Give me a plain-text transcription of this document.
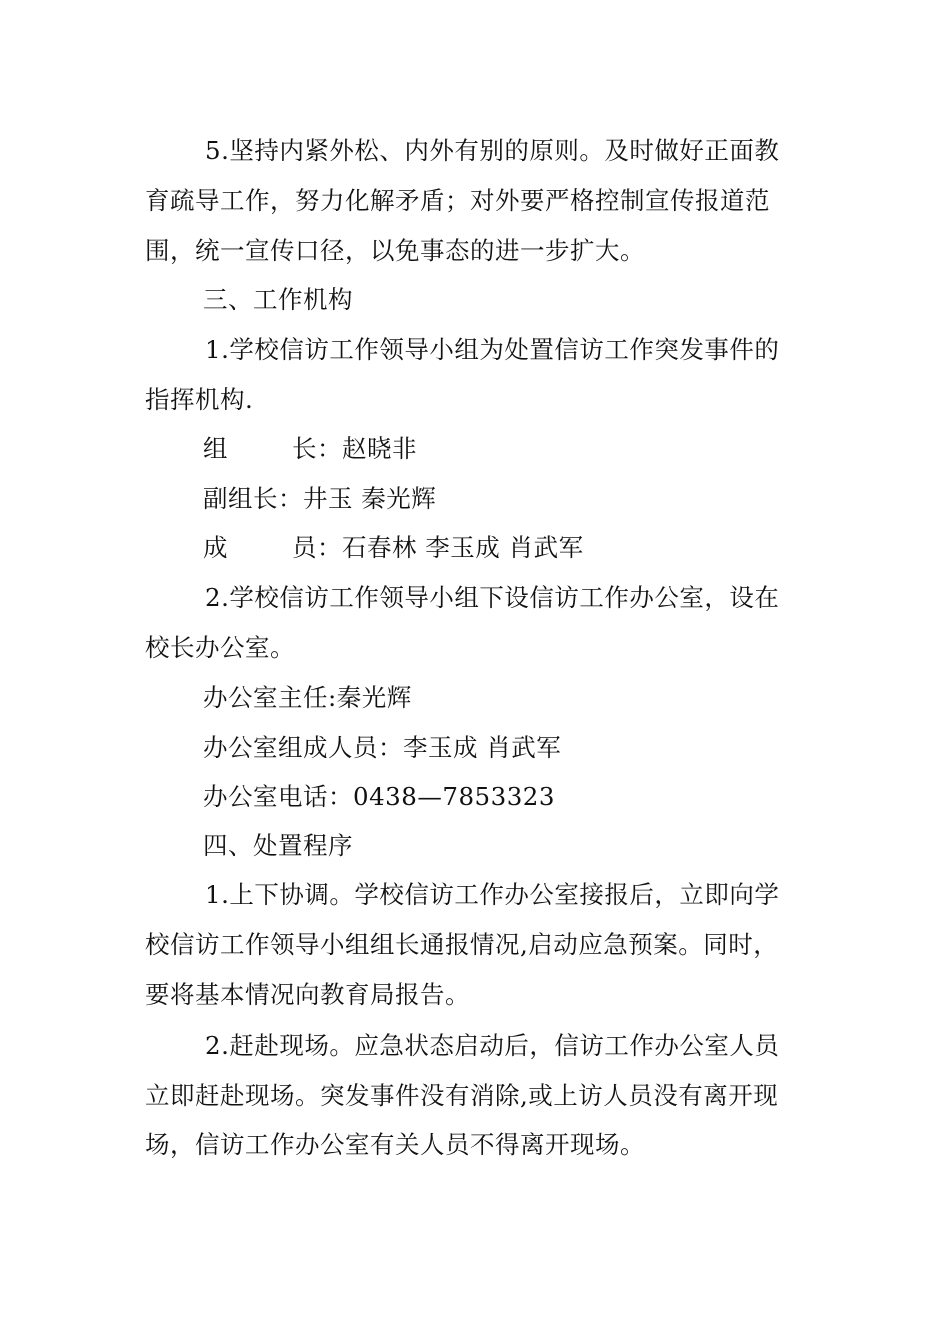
5.坚持内紧外松、内外有别的原则。及时做好正面教
育疏导工作，努力化解矛盾；对外要严格控制宣传报道范
围，统一宣传口径，以免事态的进一步扩大。
三、工作机构
1.学校信访工作领导小组为处置信访工作突发事件的
指挥机构.
组	长：赵晓非
副组长：井玉 秦光辉
成	员：石春林 李玉成 肖武军
2.学校信访工作领导小组下设信访工作办公室，设在
校长办公室。
办公室主任:秦光辉
办公室组成人员：李玉成 肖武军
办公室电话：0438—7853323
四、处置程序
1.上下协调。学校信访工作办公室接报后，立即向学
校信访工作领导小组组长通报情况,启动应急预案。同时，
要将基本情况向教育局报告。
2.赶赴现场。应急状态启动后，信访工作办公室人员
立即赶赴现场。突发事件没有消除,或上访人员没有离开现
场，信访工作办公室有关人员不得离开现场。
